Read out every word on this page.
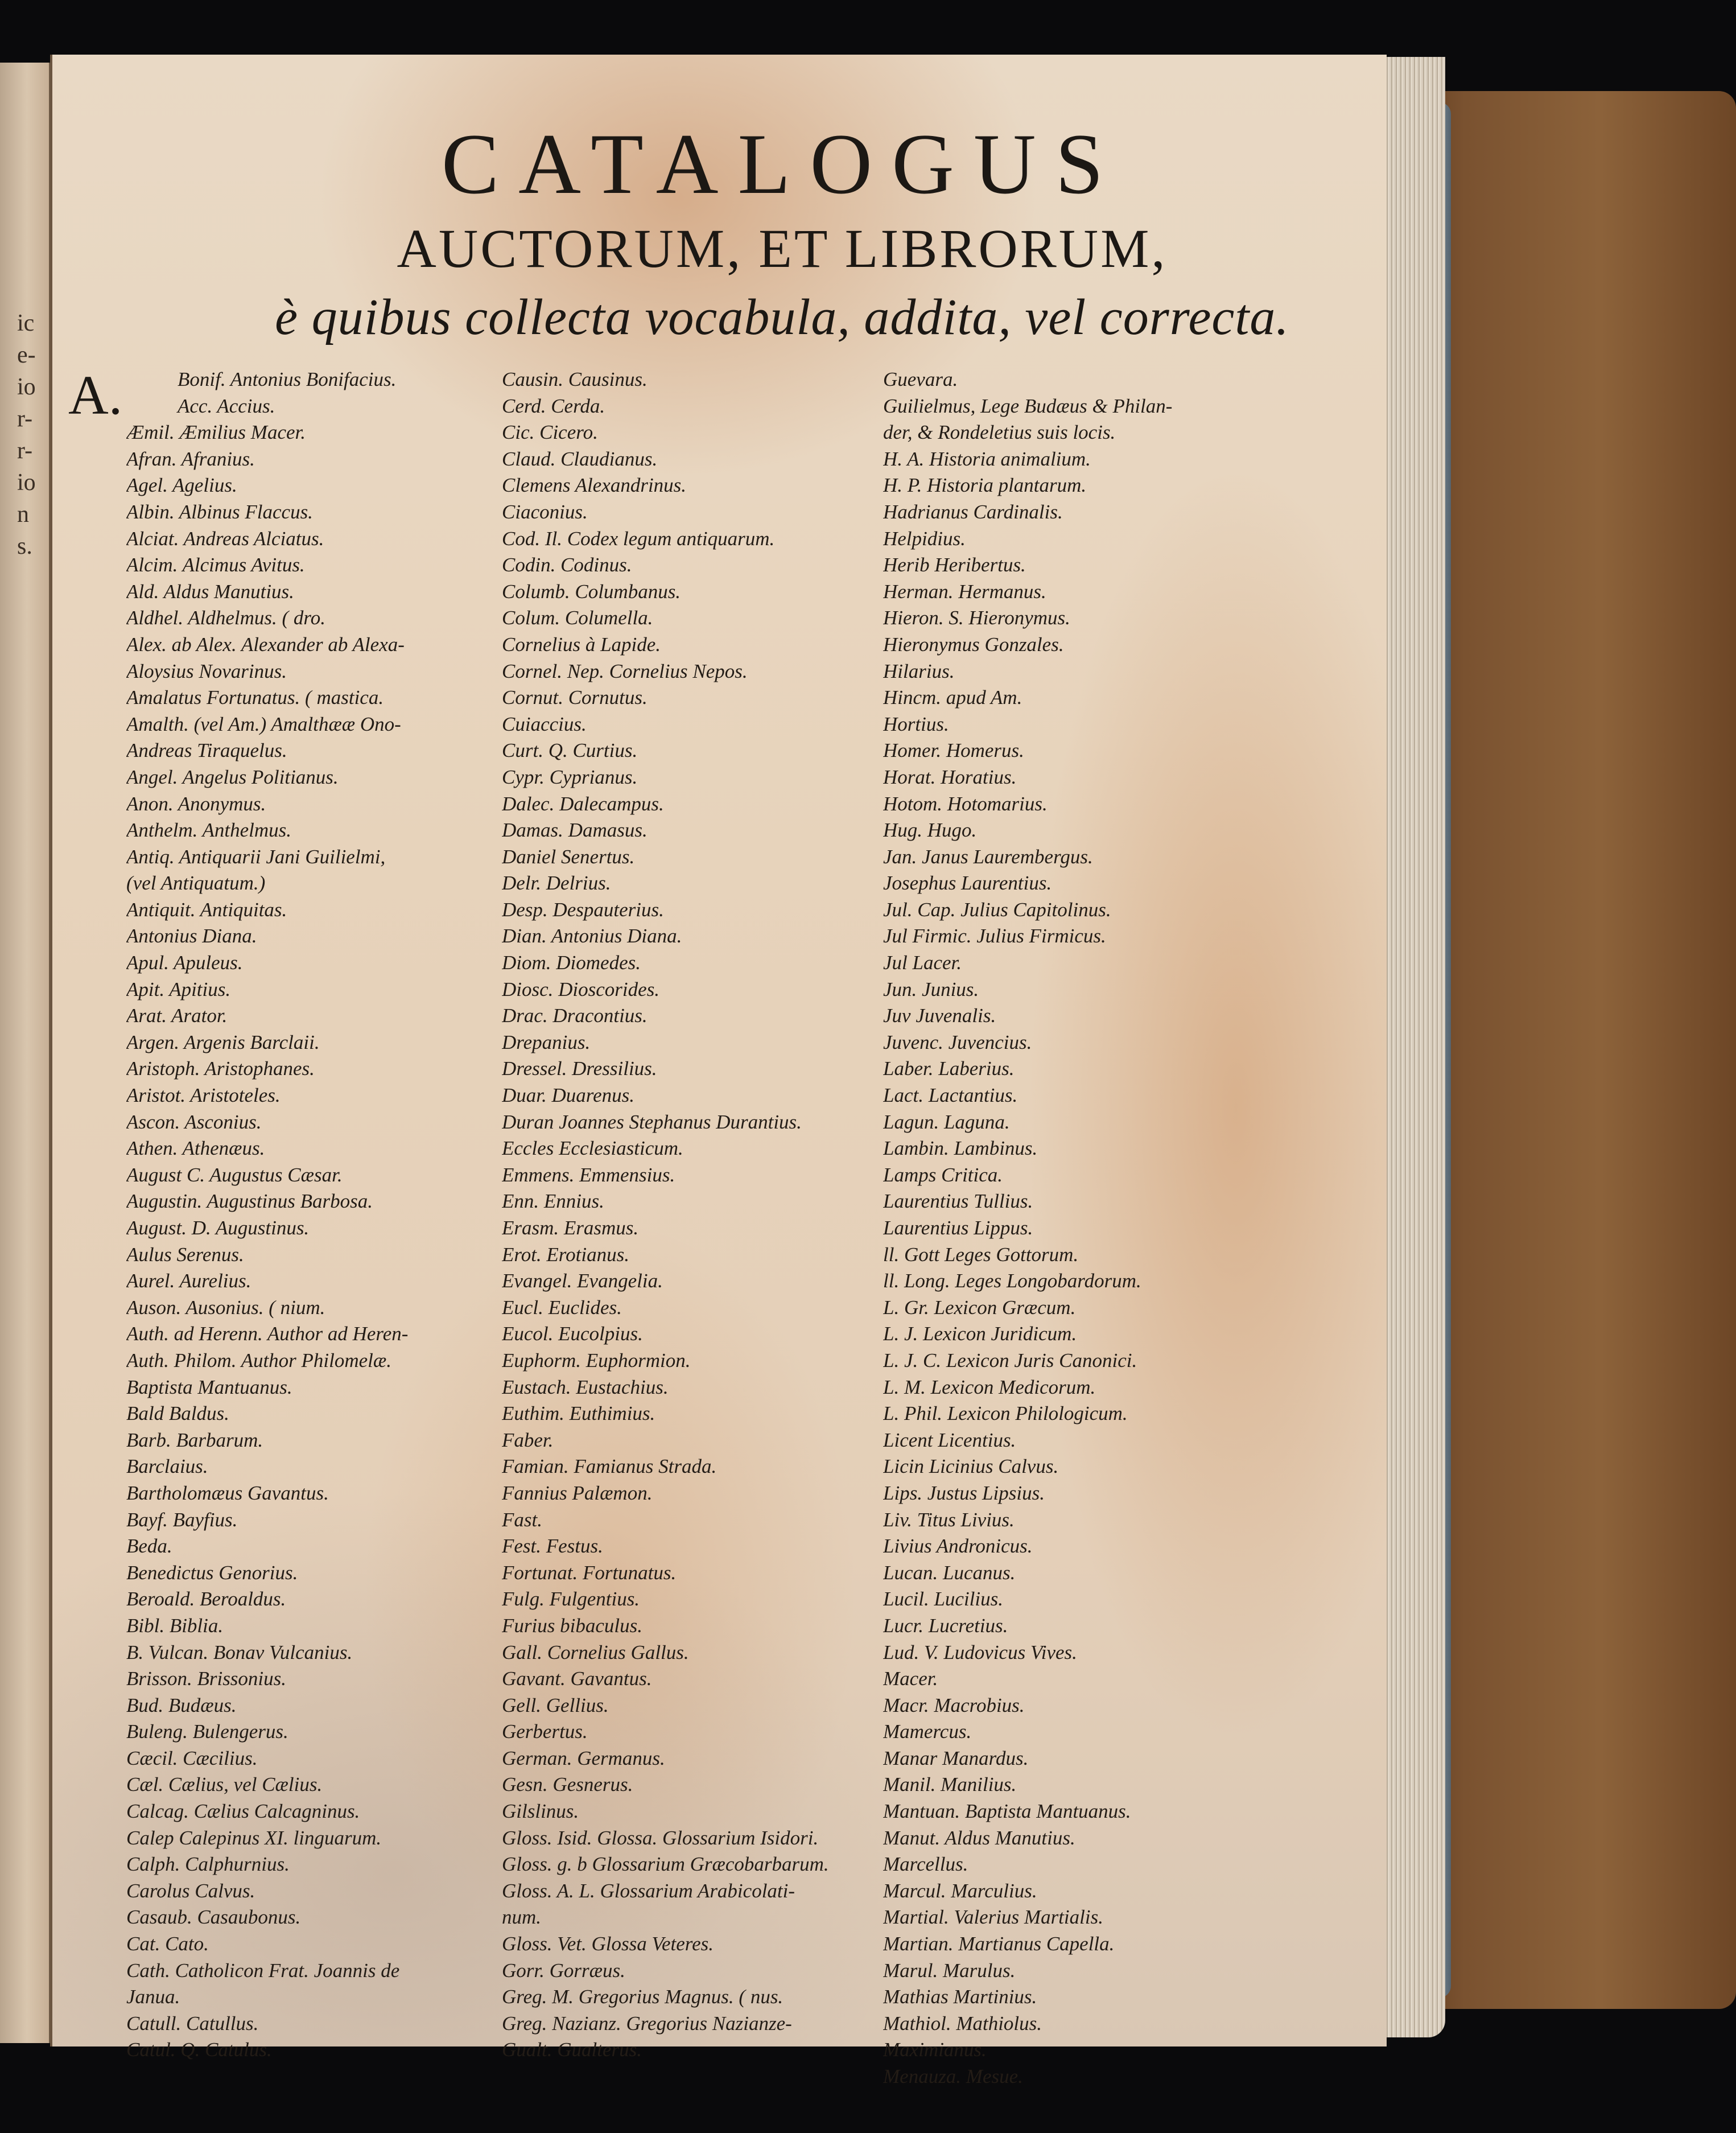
ic
e-
io
r-
r-
io
n
s.
CATALOGUS
AUCTORUM, ET LIBRORUM,
è quibus collecta vocabula, addita, vel correcta.
A.	Bonif. Antonius Bonifacius.
Acc. Accius.
Æmil. Æmilius Macer.
Afran. Afranius.
Agel. Agelius.
Albin. Albinus Flaccus.
Alciat. Andreas Alciatus.
Alcim. Alcimus Avitus.
Ald. Aldus Manutius.
Aldhel. Aldhelmus. ( dro.
Alex. ab Alex. Alexander ab Alexa-
Aloysius Novarinus.
Amalatus Fortunatus. ( mastica.
Amalth. (vel Am.) Amalthææ Ono-
Andreas Tiraquelus.
Angel. Angelus Politianus.
Anon. Anonymus.
Anthelm. Anthelmus.
Antiq. Antiquarii Jani Guilielmi,
(vel Antiquatum.)
Antiquit. Antiquitas.
Antonius Diana.
Apul. Apuleus.
Apit. Apitius.
Arat. Arator.
Argen. Argenis Barclaii.
Aristoph. Aristophanes.
Aristot. Aristoteles.
Ascon. Asconius.
Athen. Athenæus.
August C. Augustus Cæsar.
Augustin. Augustinus Barbosa.
August. D. Augustinus.
Aulus Serenus.
Aurel. Aurelius.
Auson. Ausonius. ( nium.
Auth. ad Herenn. Author ad Heren-
Auth. Philom. Author Philomelæ.
Baptista Mantuanus.
Bald Baldus.
Barb. Barbarum.
Barclaius.
Bartholomæus Gavantus.
Bayf. Bayfius.
Beda.
Benedictus Genorius.
Beroald. Beroaldus.
Bibl. Biblia.
B. Vulcan. Bonav Vulcanius.
Brisson. Brissonius.
Bud. Budæus.
Buleng. Bulengerus.
Cæcil. Cæcilius.
Cæl. Cælius, vel Cælius.
Calcag. Cælius Calcagninus.
Calep Calepinus XI. linguarum.
Calph. Calphurnius.
Carolus Calvus.
Casaub. Casaubonus.
Cat. Cato.
Cath. Catholicon Frat. Joannis de
Janua.
Catull. Catullus.
Catul. Q. Catulus.
Causin. Causinus.
Cerd. Cerda.
Cic. Cicero.
Claud. Claudianus.
Clemens Alexandrinus.
Ciaconius.
Cod. Il. Codex legum antiquarum.
Codin. Codinus.
Columb. Columbanus.
Colum. Columella.
Cornelius à Lapide.
Cornel. Nep. Cornelius Nepos.
Cornut. Cornutus.
Cuiaccius.
Curt. Q. Curtius.
Cypr. Cyprianus.
Dalec. Dalecampus.
Damas. Damasus.
Daniel Senertus.
Delr. Delrius.
Desp. Despauterius.
Dian. Antonius Diana.
Diom. Diomedes.
Diosc. Dioscorides.
Drac. Dracontius.
Drepanius.
Dressel. Dressilius.
Duar. Duarenus.
Duran Joannes Stephanus Durantius.
Eccles Ecclesiasticum.
Emmens. Emmensius.
Enn. Ennius.
Erasm. Erasmus.
Erot. Erotianus.
Evangel. Evangelia.
Eucl. Euclides.
Eucol. Eucolpius.
Euphorm. Euphormion.
Eustach. Eustachius.
Euthim. Euthimius.
Faber.
Famian. Famianus Strada.
Fannius Palæmon.
Fast.
Fest. Festus.
Fortunat. Fortunatus.
Fulg. Fulgentius.
Furius bibaculus.
Gall. Cornelius Gallus.
Gavant. Gavantus.
Gell. Gellius.
Gerbertus.
German. Germanus.
Gesn. Gesnerus.
Gilslinus.
Gloss. Isid. Glossa. Glossarium Isidori.
Gloss. g. b Glossarium Græcobarbarum.
Gloss. A. L. Glossarium Arabicolati-
num.
Gloss. Vet. Glossa Veteres.
Gorr. Gorræus.
Greg. M. Gregorius Magnus. ( nus.
Greg. Nazianz. Gregorius Nazianze-
Gualt. Gualterus.
Guevara.
Guilielmus, Lege Budæus & Philan-
der, & Rondeletius suis locis.
H. A. Historia animalium.
H. P. Historia plantarum.
Hadrianus Cardinalis.
Helpidius.
Herib Heribertus.
Herman. Hermanus.
Hieron. S. Hieronymus.
Hieronymus Gonzales.
Hilarius.
Hincm. apud Am.
Hortius.
Homer. Homerus.
Horat. Horatius.
Hotom. Hotomarius.
Hug. Hugo.
Jan. Janus Laurembergus.
Josephus Laurentius.
Jul. Cap. Julius Capitolinus.
Jul Firmic. Julius Firmicus.
Jul Lacer.
Jun. Junius.
Juv Juvenalis.
Juvenc. Juvencius.
Laber. Laberius.
Lact. Lactantius.
Lagun. Laguna.
Lambin. Lambinus.
Lamps Critica.
Laurentius Tullius.
Laurentius Lippus.
ll. Gott Leges Gottorum.
ll. Long. Leges Longobardorum.
L. Gr. Lexicon Græcum.
L. J. Lexicon Juridicum.
L. J. C. Lexicon Juris Canonici.
L. M. Lexicon Medicorum.
L. Phil. Lexicon Philologicum.
Licent Licentius.
Licin Licinius Calvus.
Lips. Justus Lipsius.
Liv. Titus Livius.
Livius Andronicus.
Lucan. Lucanus.
Lucil. Lucilius.
Lucr. Lucretius.
Lud. V. Ludovicus Vives.
Macer.
Macr. Macrobius.
Mamercus.
Manar Manardus.
Manil. Manilius.
Mantuan. Baptista Mantuanus.
Manut. Aldus Manutius.
Marcellus.
Marcul. Marculius.
Martial. Valerius Martialis.
Martian. Martianus Capella.
Marul. Marulus.
Mathias Martinius.
Mathiol. Mathiolus.
Maximianus.
Menauza. Mesue.
